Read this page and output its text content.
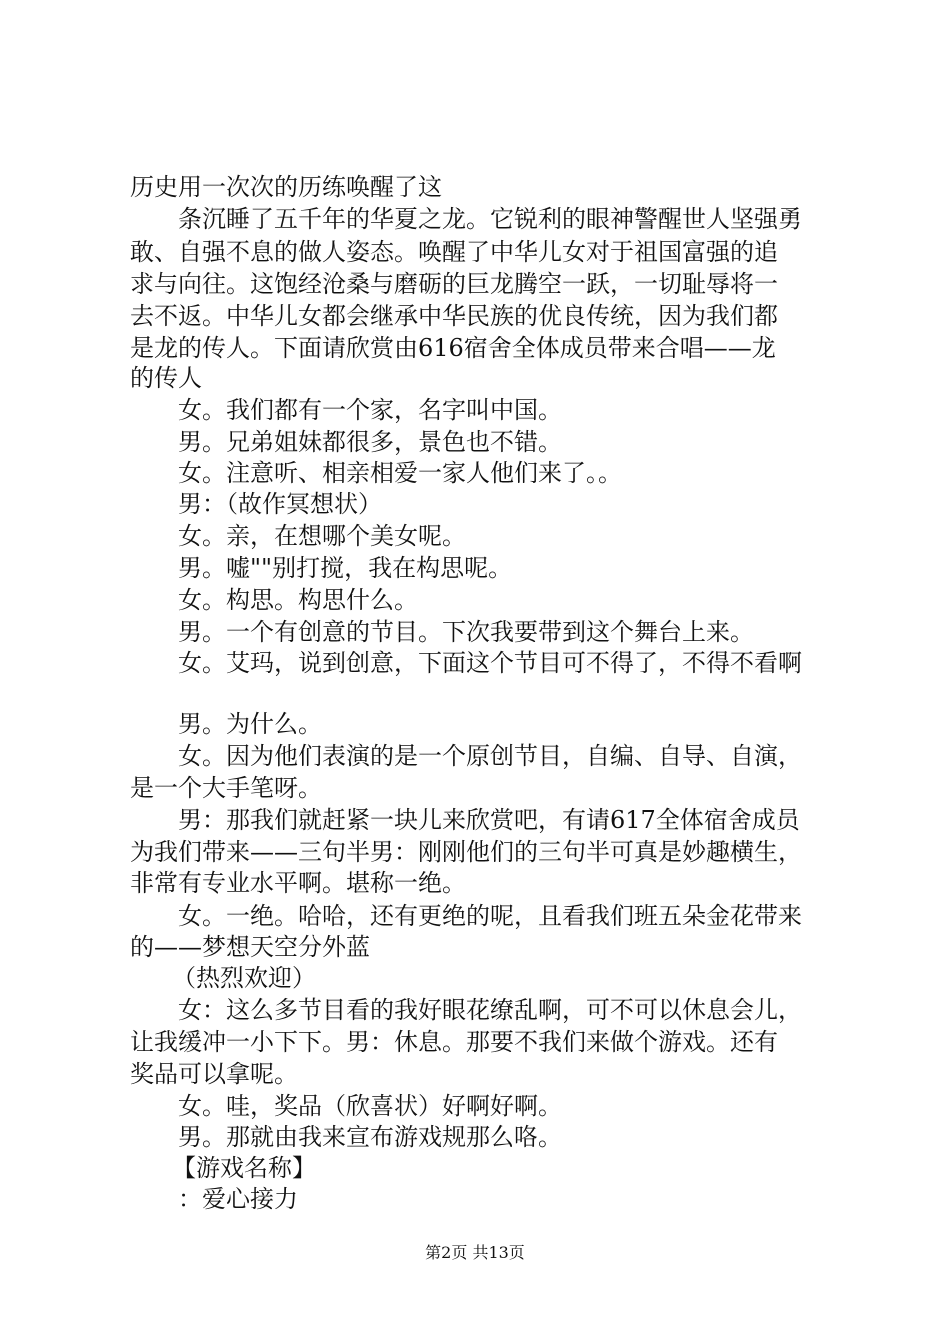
历史用一次次的历练唤醒了这
条沉睡了五千年的华夏之龙。它锐利的眼神警醒世人坚强勇
敢、自强不息的做人姿态。唤醒了中华儿女对于祖国富强的追
求与向往。这饱经沧桑与磨砺的巨龙腾空一跃，一切耻辱将一
去不返。中华儿女都会继承中华民族的优良传统，因为我们都
是龙的传人。下面请欣赏由616宿舍全体成员带来合唱——龙
的传人
女。我们都有一个家，名字叫中国。
男。兄弟姐妹都很多，景色也不错。
女。注意听、相亲相爱一家人他们来了。。
男：（故作冥想状）
女。亲，在想哪个美女呢。
男。嘘""别打搅，我在构思呢。
女。构思。构思什么。
男。一个有创意的节目。下次我要带到这个舞台上来。
女。艾玛，说到创意，下面这个节目可不得了，不得不看啊
男。为什么。
女。因为他们表演的是一个原创节目，自编、自导、自演，
是一个大手笔呀。
男：那我们就赶紧一块儿来欣赏吧，有请617全体宿舍成员
为我们带来——三句半男：刚刚他们的三句半可真是妙趣横生，
非常有专业水平啊。堪称一绝。
女。一绝。哈哈，还有更绝的呢，且看我们班五朵金花带来
的——梦想天空分外蓝
（热烈欢迎）
女：这么多节目看的我好眼花缭乱啊，可不可以休息会儿，
让我缓冲一小下下。男：休息。那要不我们来做个游戏。还有
奖品可以拿呢。
女。哇，奖品（欣喜状）好啊好啊。
男。那就由我来宣布游戏规那么咯。
【游戏名称】
：爱心接力
第2页 共13页
